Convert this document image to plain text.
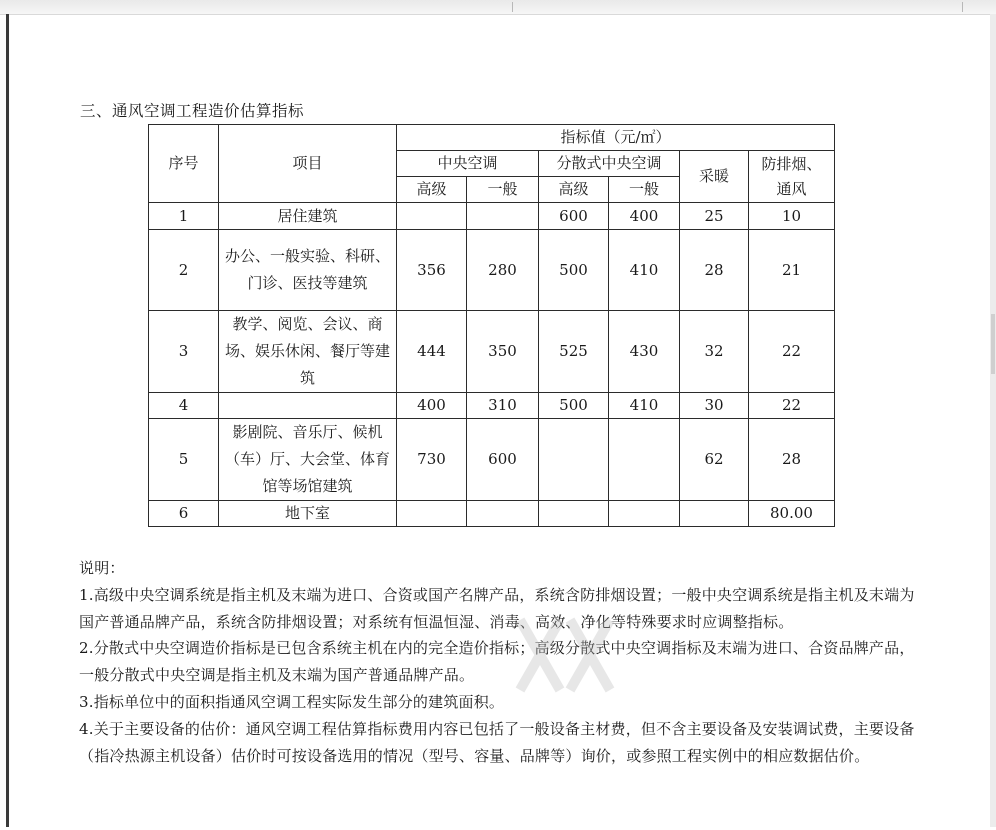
三、通风空调工程造价估算指标
序号	项目	指标值（元/㎡）					
		中央空调		分散式中央空调		采暖	防排烟、
通风

		高级	一般	高级	一般		
1	居住建筑			600	400	25	10
2	办公、一般实验、科研、门诊、医技等建筑	356	280	500	410	28	21
3	教学、阅览、会议、商场、娱乐休闲、餐厅等建筑	444	350	525	430	32	22
4		400	310	500	410	30	22
5	影剧院、音乐厅、候机（车）厅、大会堂、体育馆等场馆建筑	730	600			62	28
6	地下室						80.00

说明：

1.高级中央空调系统是指主机及末端为进口、合资或国产名牌产品，系统含防排烟设置；一般中央空调系统是指主机及末端为国产普通品牌产品，系统含防排烟设置；对系统有恒温恒湿、消毒、高效、净化等特殊要求时应调整指标。

2.分散式中央空调造价指标是已包含系统主机在内的完全造价指标；高级分散式中央空调指标及末端为进口、合资品牌产品，一般分散式中央空调是指主机及末端为国产普通品牌产品。

3.指标单位中的面积指通风空调工程实际发生部分的建筑面积。

4.关于主要设备的估价：通风空调工程估算指标费用内容已包括了一般设备主材费，但不含主要设备及安装调试费，主要设备（指冷热源主机设备）估价时可按设备选用的情况（型号、容量、品牌等）询价，或参照工程实例中的相应数据估价。
